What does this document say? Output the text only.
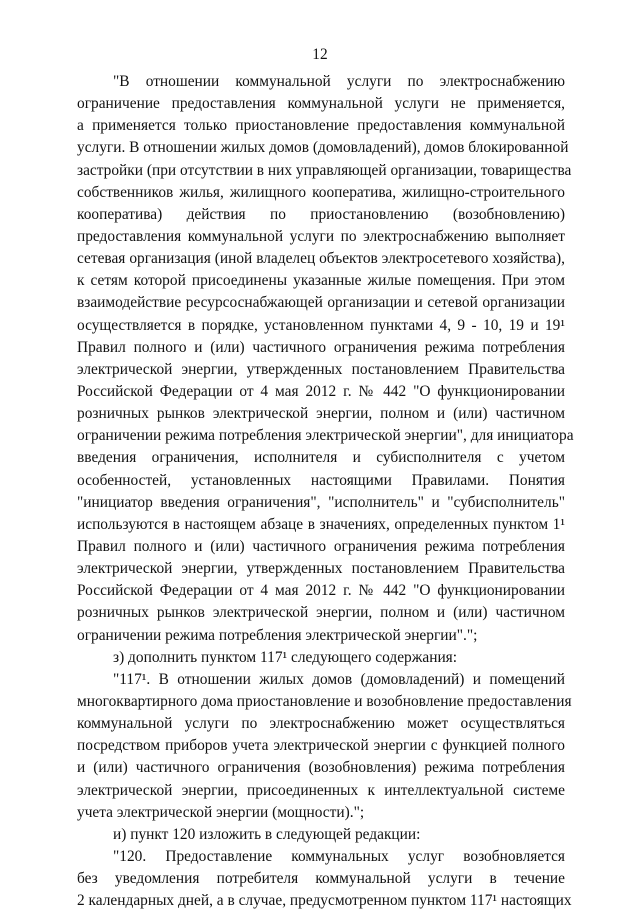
12
"В отношении коммунальной услуги по электроснабжению
ограничение предоставления коммунальной услуги не применяется,
а применяется только приостановление предоставления коммунальной
услуги. В отношении жилых домов (домовладений), домов блокированной
застройки (при отсутствии в них управляющей организации, товарищества
собственников жилья, жилищного кооператива, жилищно-строительного
кооператива) действия по приостановлению (возобновлению)
предоставления коммунальной услуги по электроснабжению выполняет
сетевая организация (иной владелец объектов электросетевого хозяйства),
к сетям которой присоединены указанные жилые помещения. При этом
взаимодействие ресурсоснабжающей организации и сетевой организации
осуществляется в порядке, установленном пунктами 4, 9 - 10, 19 и 19¹
Правил полного и (или) частичного ограничения режима потребления
электрической энергии, утвержденных постановлением Правительства
Российской Федерации от 4 мая 2012 г. № 442 "О функционировании
розничных рынков электрической энергии, полном и (или) частичном
ограничении режима потребления электрической энергии", для инициатора
введения ограничения, исполнителя и субисполнителя с учетом
особенностей, установленных настоящими Правилами. Понятия
"инициатор введения ограничения", "исполнитель" и "субисполнитель"
используются в настоящем абзаце в значениях, определенных пунктом 1¹
Правил полного и (или) частичного ограничения режима потребления
электрической энергии, утвержденных постановлением Правительства
Российской Федерации от 4 мая 2012 г. № 442 "О функционировании
розничных рынков электрической энергии, полном и (или) частичном
ограничении режима потребления электрической энергии".";
з) дополнить пунктом 117¹ следующего содержания:
"117¹. В отношении жилых домов (домовладений) и помещений
многоквартирного дома приостановление и возобновление предоставления
коммунальной услуги по электроснабжению может осуществляться
посредством приборов учета электрической энергии с функцией полного
и (или) частичного ограничения (возобновления) режима потребления
электрической энергии, присоединенных к интеллектуальной системе
учета электрической энергии (мощности).";
и) пункт 120 изложить в следующей редакции:
"120. Предоставление коммунальных услуг возобновляется
без уведомления потребителя коммунальной услуги в течение
2 календарных дней, а в случае, предусмотренном пунктом 117¹ настоящих
